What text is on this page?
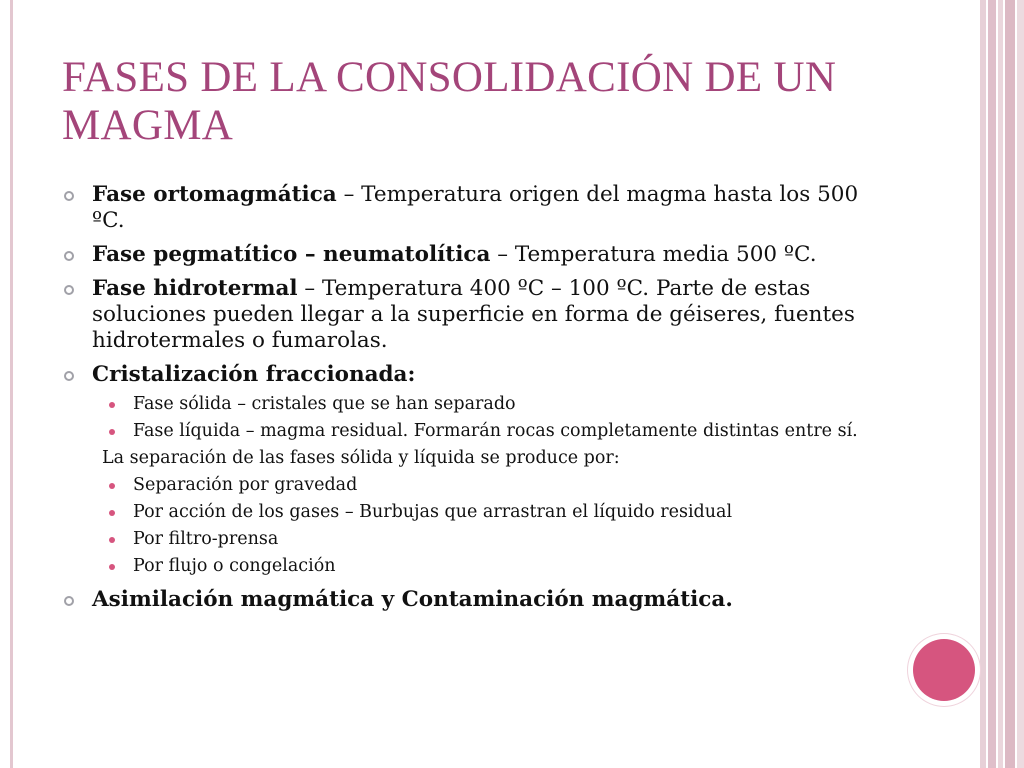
FASES DE LA CONSOLIDACIÓN DE UN MAGMA
Fase ortomagmática – Temperatura origen del magma hasta los 500 ºC.
Fase pegmatítico – neumatolítica – Temperatura media 500 ºC.
Fase hidrotermal – Temperatura 400 ºC – 100 ºC. Parte de estas soluciones pueden llegar a la superficie en forma de géiseres, fuentes hidrotermales o fumarolas.
Cristalización fraccionada:
Fase sólida – cristales que se han separado
Fase líquida – magma residual. Formarán rocas completamente distintas entre sí.
La separación de las fases sólida y líquida se produce por:
Separación por gravedad
Por acción de los gases – Burbujas que arrastran el líquido residual
Por filtro-prensa
Por flujo o congelación
Asimilación magmática y Contaminación magmática.
